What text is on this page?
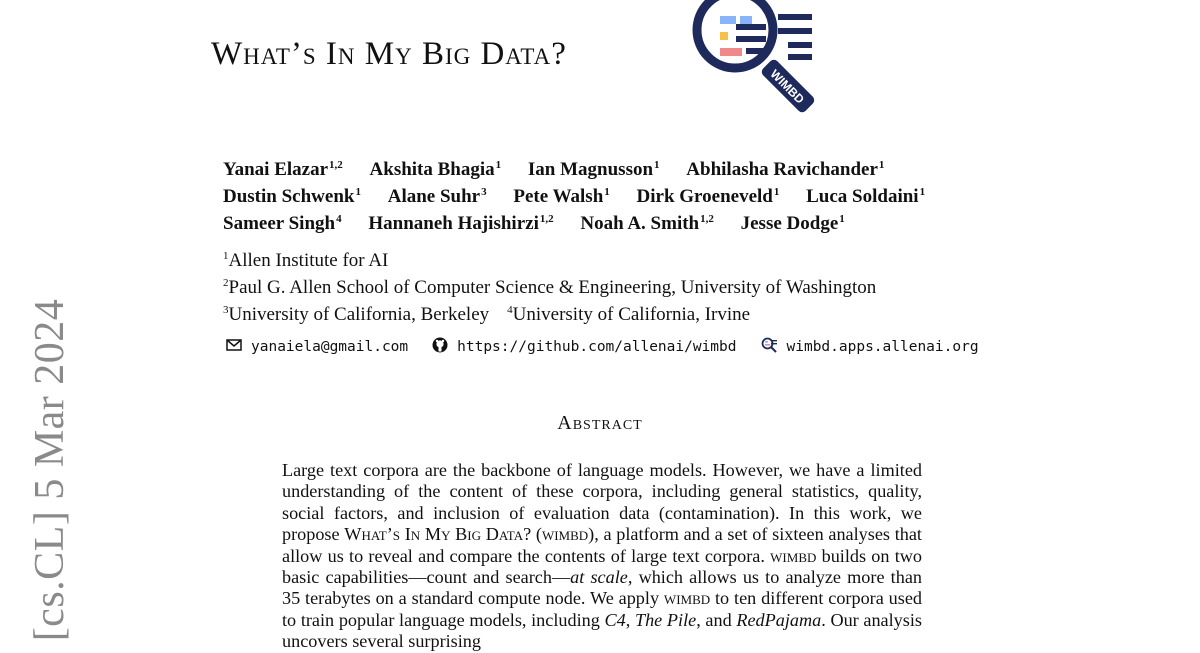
What’s In My Big Data?
WIMBD
Yanai Elazar$^{1,2}$ Akshita Bhagia$^1$ Ian Magnusson$^1$ Abhilasha Ravichander$^1$
Dustin Schwenk$^1$ Alane Suhr$^3$ Pete Walsh$^1$ Dirk Groeneveld$^1$ Luca Soldaini$^1$
Sameer Singh$^4$ Hannaneh Hajishirzi$^{1,2}$ Noah A. Smith$^{1,2}$ Jesse Dodge$^1$
$^1$Allen Institute for AI
$^2$Paul G. Allen School of Computer Science & Engineering, University of Washington
$^3$University of California, Berkeley $^4$University of California, Irvine
yanaiela@gmail.com	https://github.com/allenai/wimbd	wimbd.apps.allenai.org
Abstract
Large text corpora are the backbone of language models. However, we have a limited understanding of the content of these corpora, including general statistics, quality, social factors, and inclusion of evaluation data (contamination). In this work, we propose What’s In My Big Data? (wimbd), a platform and a set of sixteen analyses that allow us to reveal and compare the contents of large text corpora. wimbd builds on two basic capabilities—count and search—at scale, which allows us to analyze more than 35 terabytes on a standard compute node. We apply wimbd to ten different corpora used to train popular language models, including C4, The Pile, and RedPajama. Our analysis uncovers several surprising
[cs.CL] 5 Mar 2024
